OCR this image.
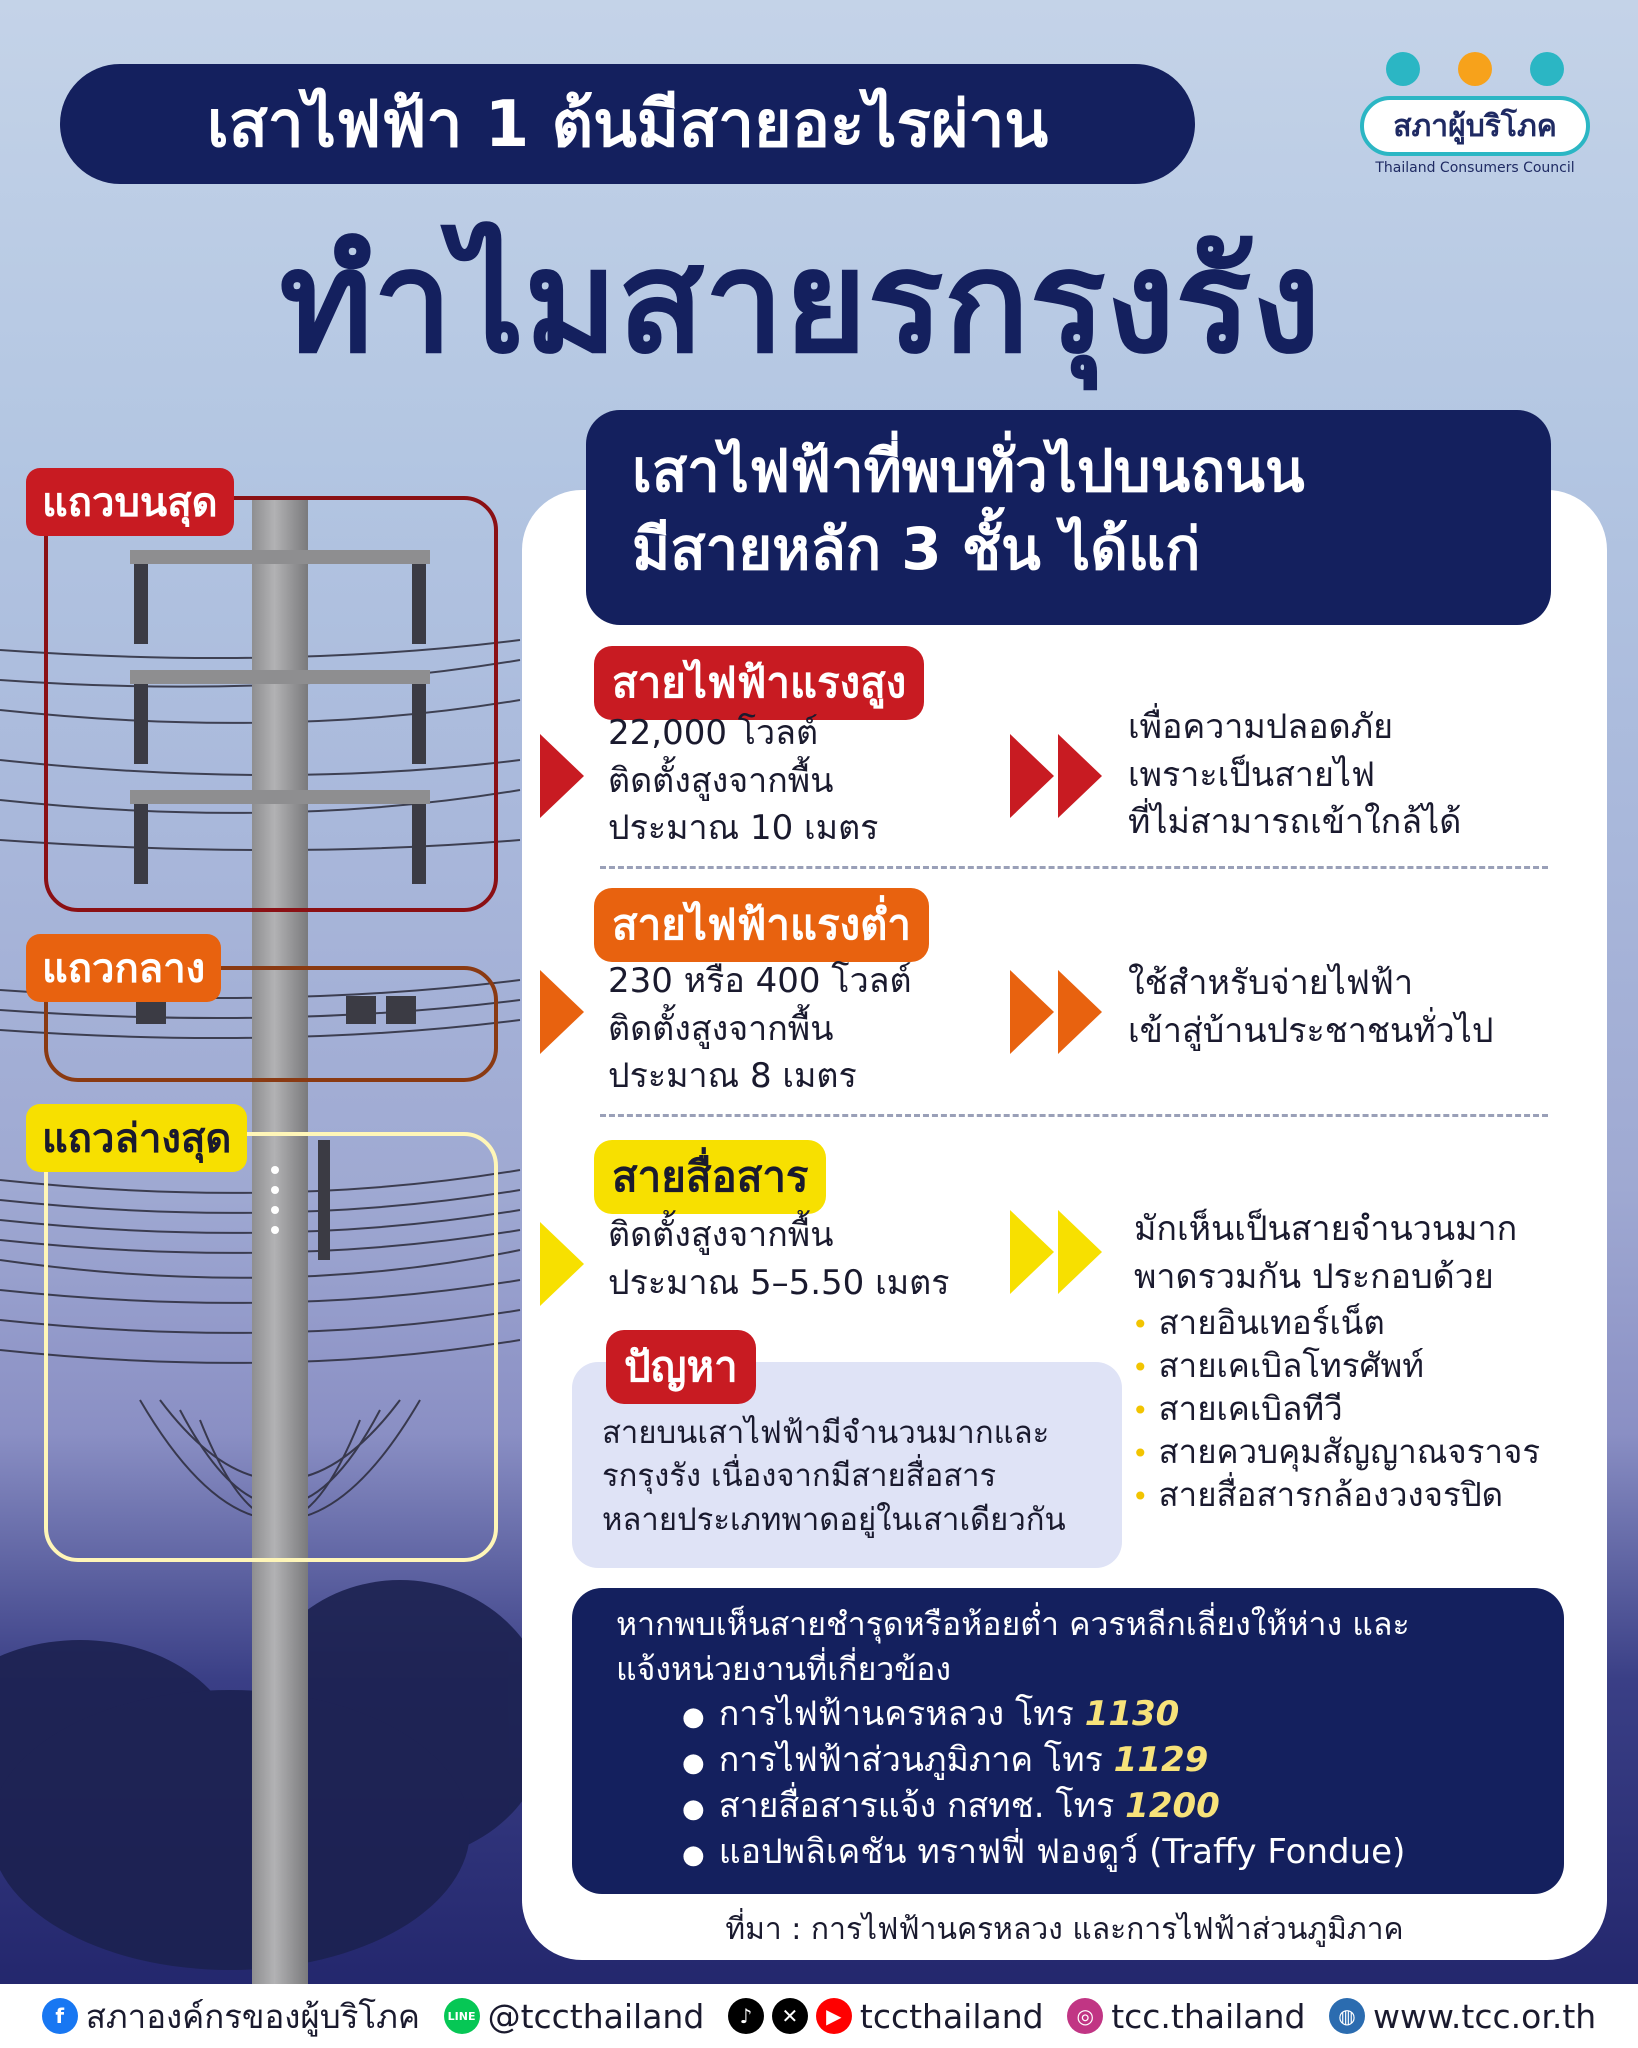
แถวบนสุด
แถวกลาง
แถวล่างสุด
เสาไฟฟ้า 1 ต้นมีสายอะไรผ่าน
ทำไมสายรกรุงรัง
สภาผู้บริโภค
Thailand Consumers Council
เสาไฟฟ้าที่พบทั่วไปบนถนน
มีสายหลัก 3 ชั้น ได้แก่
สายไฟฟ้าแรงสูง
22,000 โวลต์
ติดตั้งสูงจากพื้น
ประมาณ 10 เมตร
เพื่อความปลอดภัย
เพราะเป็นสายไฟ
ที่ไม่สามารถเข้าใกล้ได้
สายไฟฟ้าแรงต่ำ
230 หรือ 400 โวลต์
ติดตั้งสูงจากพื้น
ประมาณ 8 เมตร
ใช้สำหรับจ่ายไฟฟ้า
เข้าสู่บ้านประชาชนทั่วไป
สายสื่อสาร
ติดตั้งสูงจากพื้น
ประมาณ 5–5.50 เมตร
มักเห็นเป็นสายจำนวนมาก
พาดรวมกัน ประกอบด้วย
• สายอินเทอร์เน็ต
• สายเคเบิลโทรศัพท์
• สายเคเบิลทีวี
• สายควบคุมสัญญาณจราจร
• สายสื่อสารกล้องวงจรปิด
ปัญหา
สายบนเสาไฟฟ้ามีจำนวนมากและ
รกรุงรัง เนื่องจากมีสายสื่อสาร
หลายประเภทพาดอยู่ในเสาเดียวกัน
หากพบเห็นสายชำรุดหรือห้อยต่ำ ควรหลีกเลี่ยงให้ห่าง และ
แจ้งหน่วยงานที่เกี่ยวข้อง
● การไฟฟ้านครหลวง โทร 1130
● การไฟฟ้าส่วนภูมิภาค โทร 1129
● สายสื่อสารแจ้ง กสทช. โทร 1200
● แอปพลิเคชัน ทราฟฟี่ ฟองดูว์ (Traffy Fondue)
ที่มา : การไฟฟ้านครหลวง และการไฟฟ้าส่วนภูมิภาค
f สภาองค์กรของผู้บริโภค	LINE @tccthailand	♪	✕	▶ tccthailand	◎ tcc.thailand	◍ www.tcc.or.th
